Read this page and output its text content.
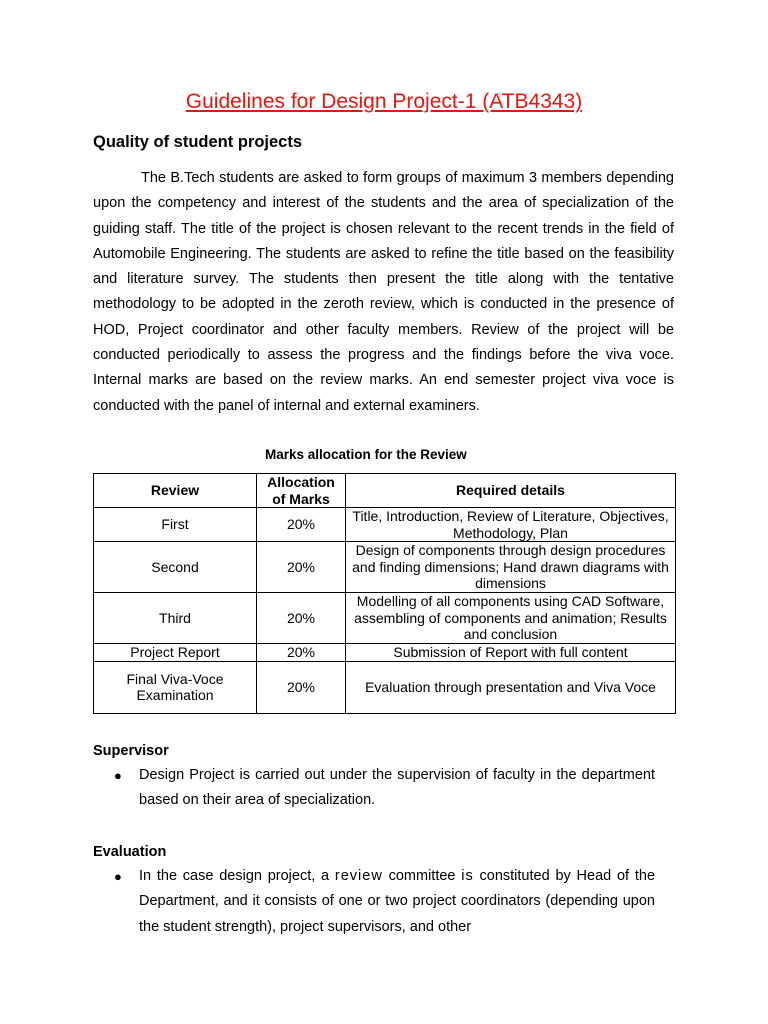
Guidelines for Design Project-1 (ATB4343)
Quality of student projects

The B.Tech students are asked to form groups of maximum 3 members depending upon the competency and interest of the students and the area of specialization of the guiding staff. The title of the project is chosen relevant to the recent trends in the field of Automobile Engineering. The students are asked to refine the title based on the feasibility and literature survey. The students then present the title along with the tentative methodology to be adopted in the zeroth review, which is conducted in the presence of HOD, Project coordinator and other faculty members. Review of the project will be conducted periodically to assess the progress and the findings before the viva voce. Internal marks are based on the review marks. An end semester project viva voce is conducted with the panel of internal and external examiners.

Marks allocation for the Review
Review	Allocation of Marks	Required details
First	20%	Title, Introduction, Review of Literature, Objectives, Methodology, Plan
Second	20%	Design of components through design procedures and finding dimensions; Hand drawn diagrams with dimensions
Third	20%	Modelling of all components using CAD Software, assembling of components and animation; Results and conclusion
Project Report	20%	Submission of Report with full content
Final Viva-Voce Examination	20%	Evaluation through presentation and Viva Voce
Supervisor
● Design Project is carried out under the supervision of faculty in the department based on their area of specialization.
Evaluation
● In the case design project, a review committee is constituted by Head of the Department, and it consists of one or two project coordinators (depending upon the student strength), project supervisors, and other
